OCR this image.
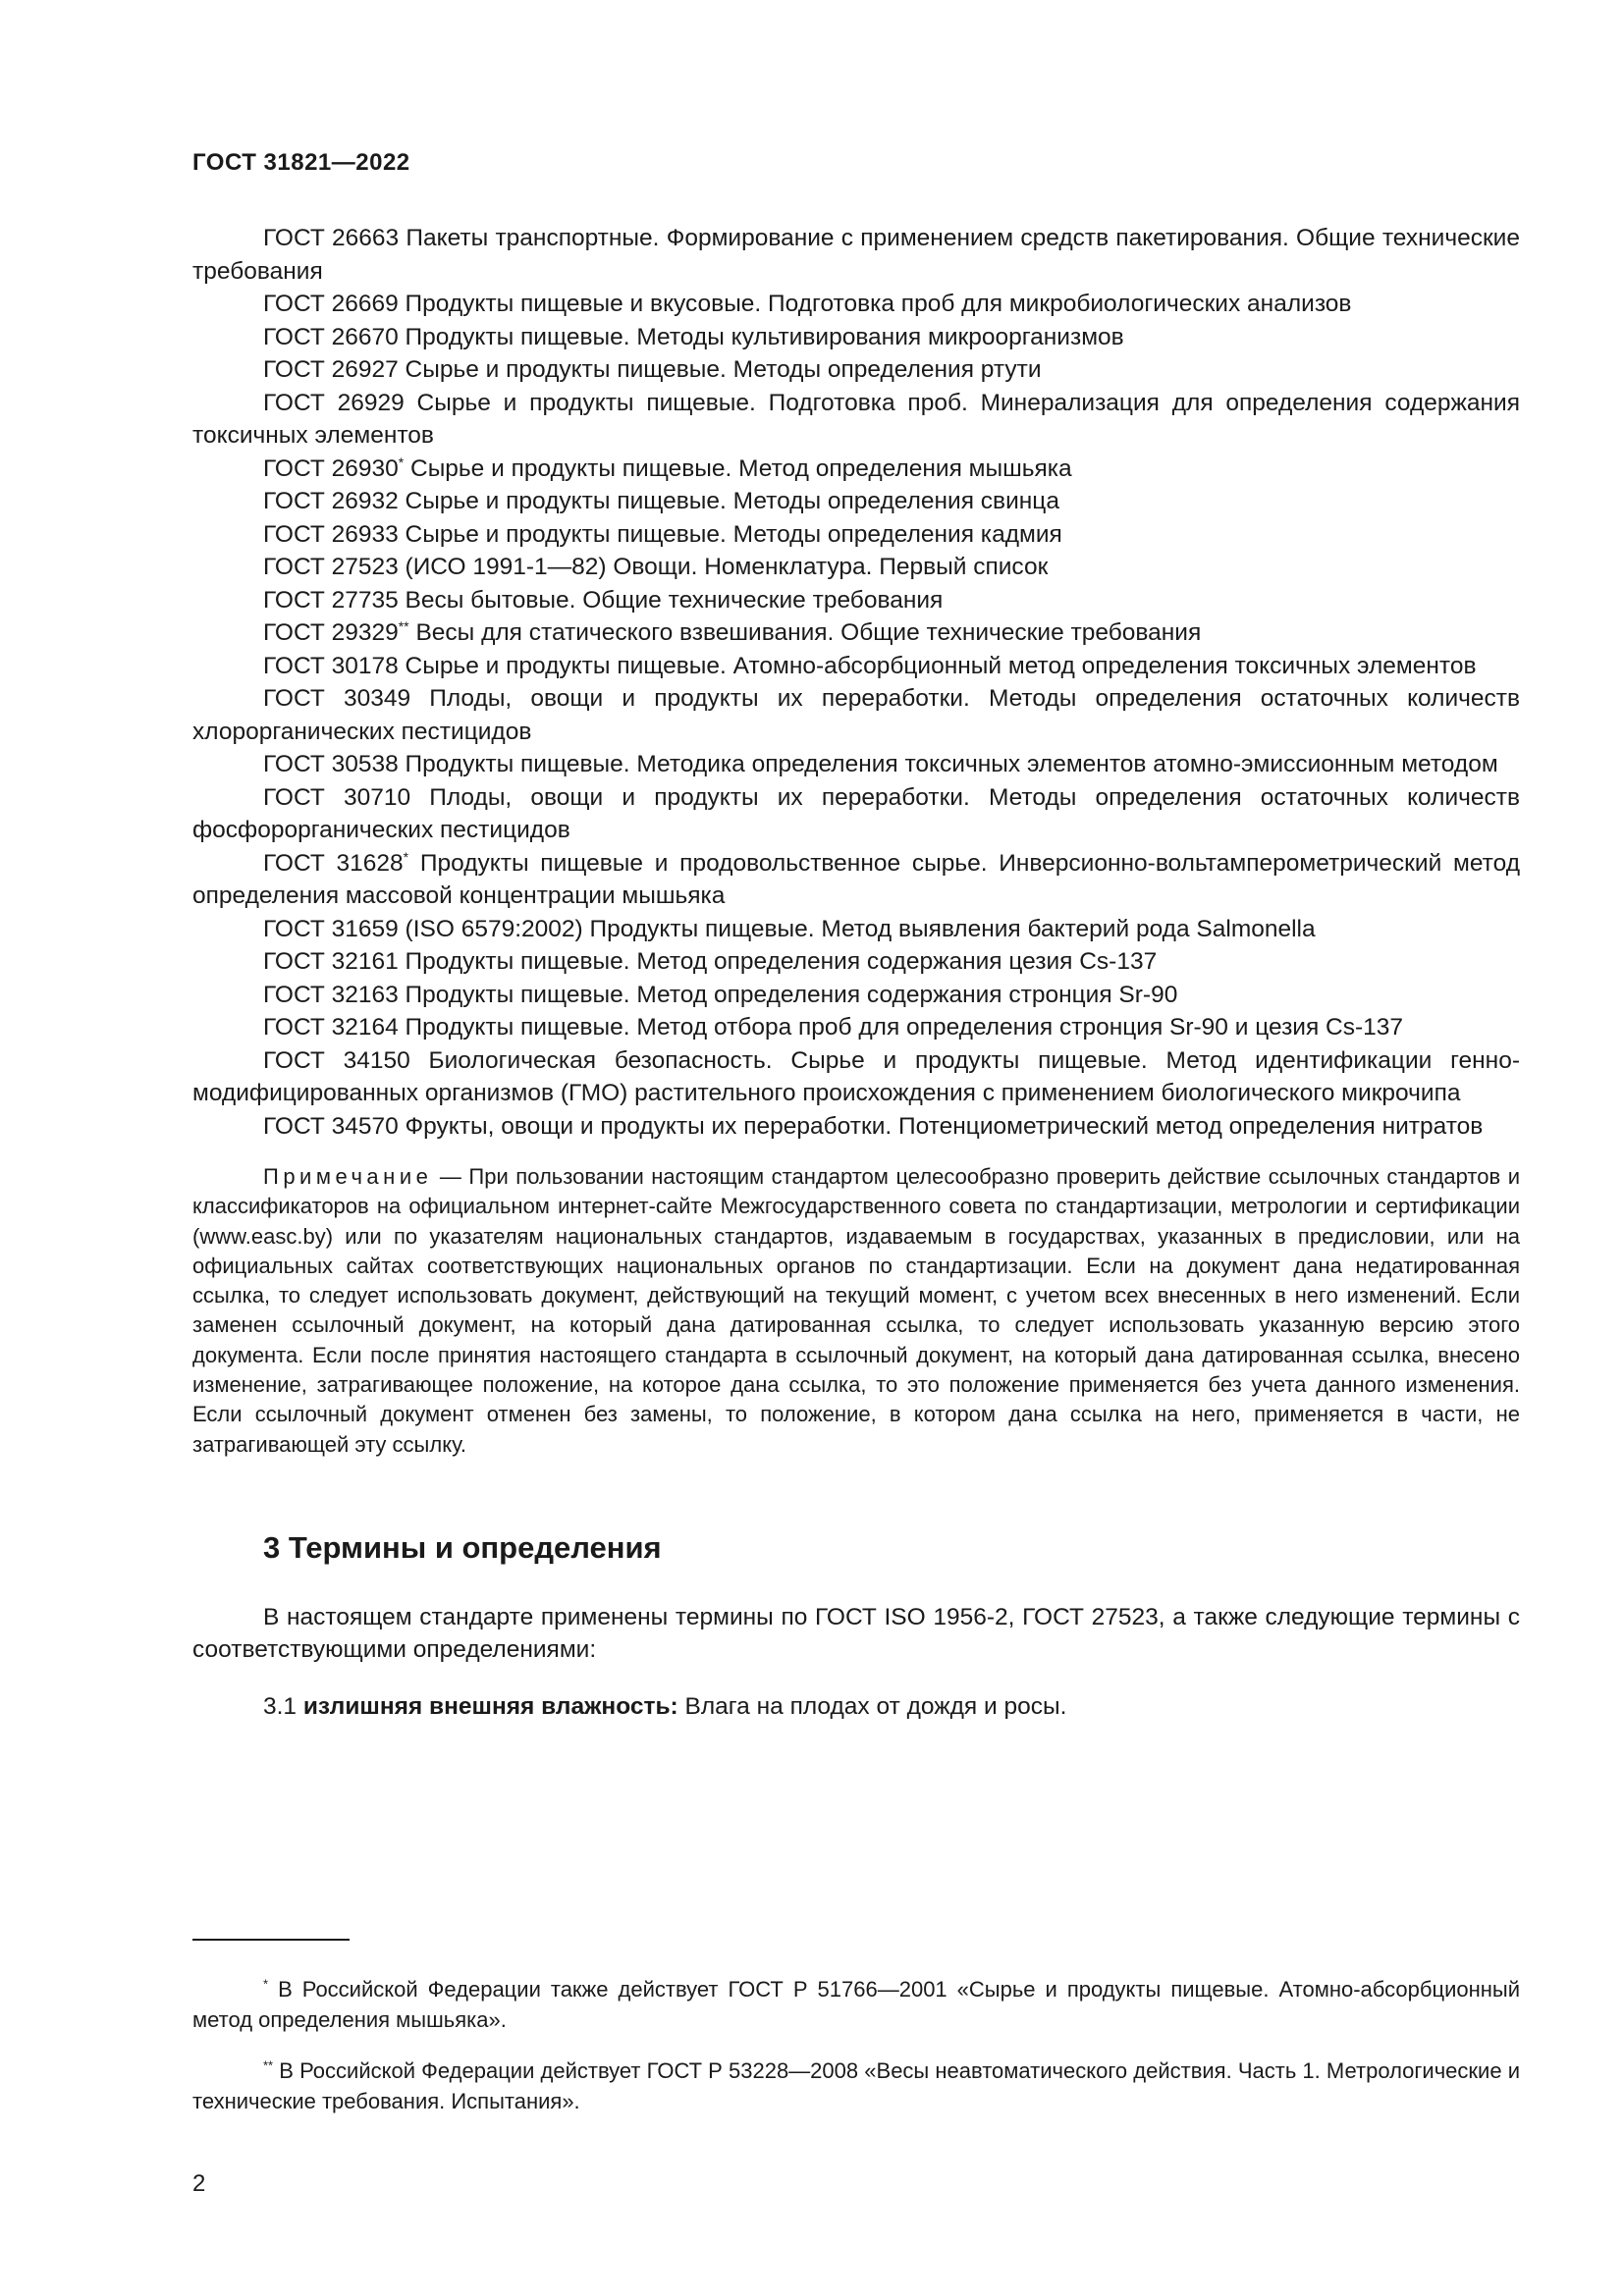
ГОСТ 31821—2022

ГОСТ 26663 Пакеты транспортные. Формирование с применением средств пакетирования. Общие технические требования

ГОСТ 26669 Продукты пищевые и вкусовые. Подготовка проб для микробиологических анализов

ГОСТ 26670 Продукты пищевые. Методы культивирования микроорганизмов

ГОСТ 26927 Сырье и продукты пищевые. Методы определения ртути

ГОСТ 26929 Сырье и продукты пищевые. Подготовка проб. Минерализация для определения содержания токсичных элементов

ГОСТ 26930* Сырье и продукты пищевые. Метод определения мышьяка

ГОСТ 26932 Сырье и продукты пищевые. Методы определения свинца

ГОСТ 26933 Сырье и продукты пищевые. Методы определения кадмия

ГОСТ 27523 (ИСО 1991-1—82) Овощи. Номенклатура. Первый список

ГОСТ 27735 Весы бытовые. Общие технические требования

ГОСТ 29329** Весы для статического взвешивания. Общие технические требования

ГОСТ 30178 Сырье и продукты пищевые. Атомно-абсорбционный метод определения токсичных элементов

ГОСТ 30349 Плоды, овощи и продукты их переработки. Методы определения остаточных количеств хлорорганических пестицидов

ГОСТ 30538 Продукты пищевые. Методика определения токсичных элементов атомно-эмиссионным методом

ГОСТ 30710 Плоды, овощи и продукты их переработки. Методы определения остаточных количеств фосфорорганических пестицидов

ГОСТ 31628* Продукты пищевые и продовольственное сырье. Инверсионно-вольтамперометрический метод определения массовой концентрации мышьяка

ГОСТ 31659 (ISO 6579:2002) Продукты пищевые. Метод выявления бактерий рода Salmonella

ГОСТ 32161 Продукты пищевые. Метод определения содержания цезия Cs-137

ГОСТ 32163 Продукты пищевые. Метод определения содержания стронция Sr-90

ГОСТ 32164 Продукты пищевые. Метод отбора проб для определения стронция Sr-90 и цезия Cs-137

ГОСТ 34150 Биологическая безопасность. Сырье и продукты пищевые. Метод идентификации генно-модифицированных организмов (ГМО) растительного происхождения с применением биологического микрочипа

ГОСТ 34570 Фрукты, овощи и продукты их переработки. Потенциометрический метод определения нитратов

Примечание — При пользовании настоящим стандартом целесообразно проверить действие ссылочных стандартов и классификаторов на официальном интернет-сайте Межгосударственного совета по стандартизации, метрологии и сертификации (www.easc.by) или по указателям национальных стандартов, издаваемым в государствах, указанных в предисловии, или на официальных сайтах соответствующих национальных органов по стандартизации. Если на документ дана недатированная ссылка, то следует использовать документ, действующий на текущий момент, с учетом всех внесенных в него изменений. Если заменен ссылочный документ, на который дана датированная ссылка, то следует использовать указанную версию этого документа. Если после принятия настоящего стандарта в ссылочный документ, на который дана датированная ссылка, внесено изменение, затрагивающее положение, на которое дана ссылка, то это положение применяется без учета данного изменения. Если ссылочный документ отменен без замены, то положение, в котором дана ссылка на него, применяется в части, не затрагивающей эту ссылку.

3 Термины и определения

В настоящем стандарте применены термины по ГОСТ ISO 1956-2, ГОСТ 27523, а также следующие термины с соответствующими определениями:

3.1 излишняя внешняя влажность: Влага на плодах от дождя и росы.

* В Российской Федерации также действует ГОСТ Р 51766—2001 «Сырье и продукты пищевые. Атомно-абсорбционный метод определения мышьяка».

** В Российской Федерации действует ГОСТ Р 53228—2008 «Весы неавтоматического действия. Часть 1. Метрологические и технические требования. Испытания».

2
